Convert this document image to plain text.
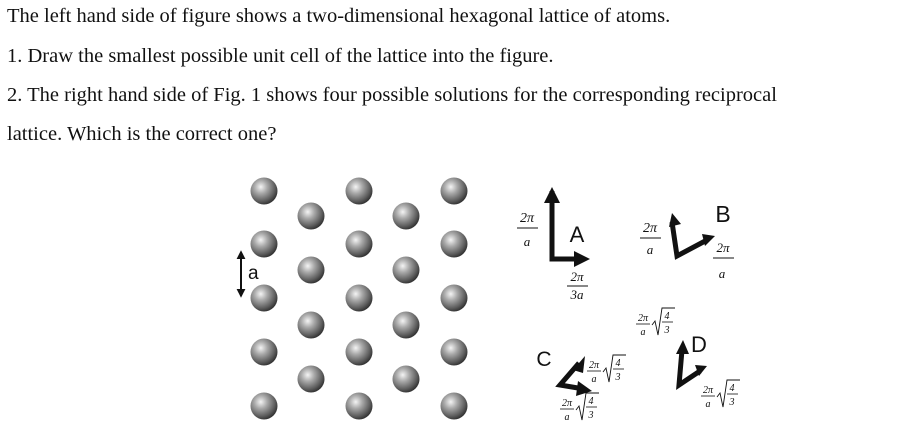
The left hand side of figure shows a two-dimensional hexagonal lattice of atoms.

1. Draw the smallest possible unit cell of the lattice into the figure.

2. The right hand side of Fig. 1 shows four possible solutions for the corresponding reciprocal

lattice. Which is the correct one?

a
2π
a A
2π
3a
2π
a
B
2π
a
C	2π
a
4
3
2π
a
4
3
D
2π
a
4
3
2π
a
4
3
